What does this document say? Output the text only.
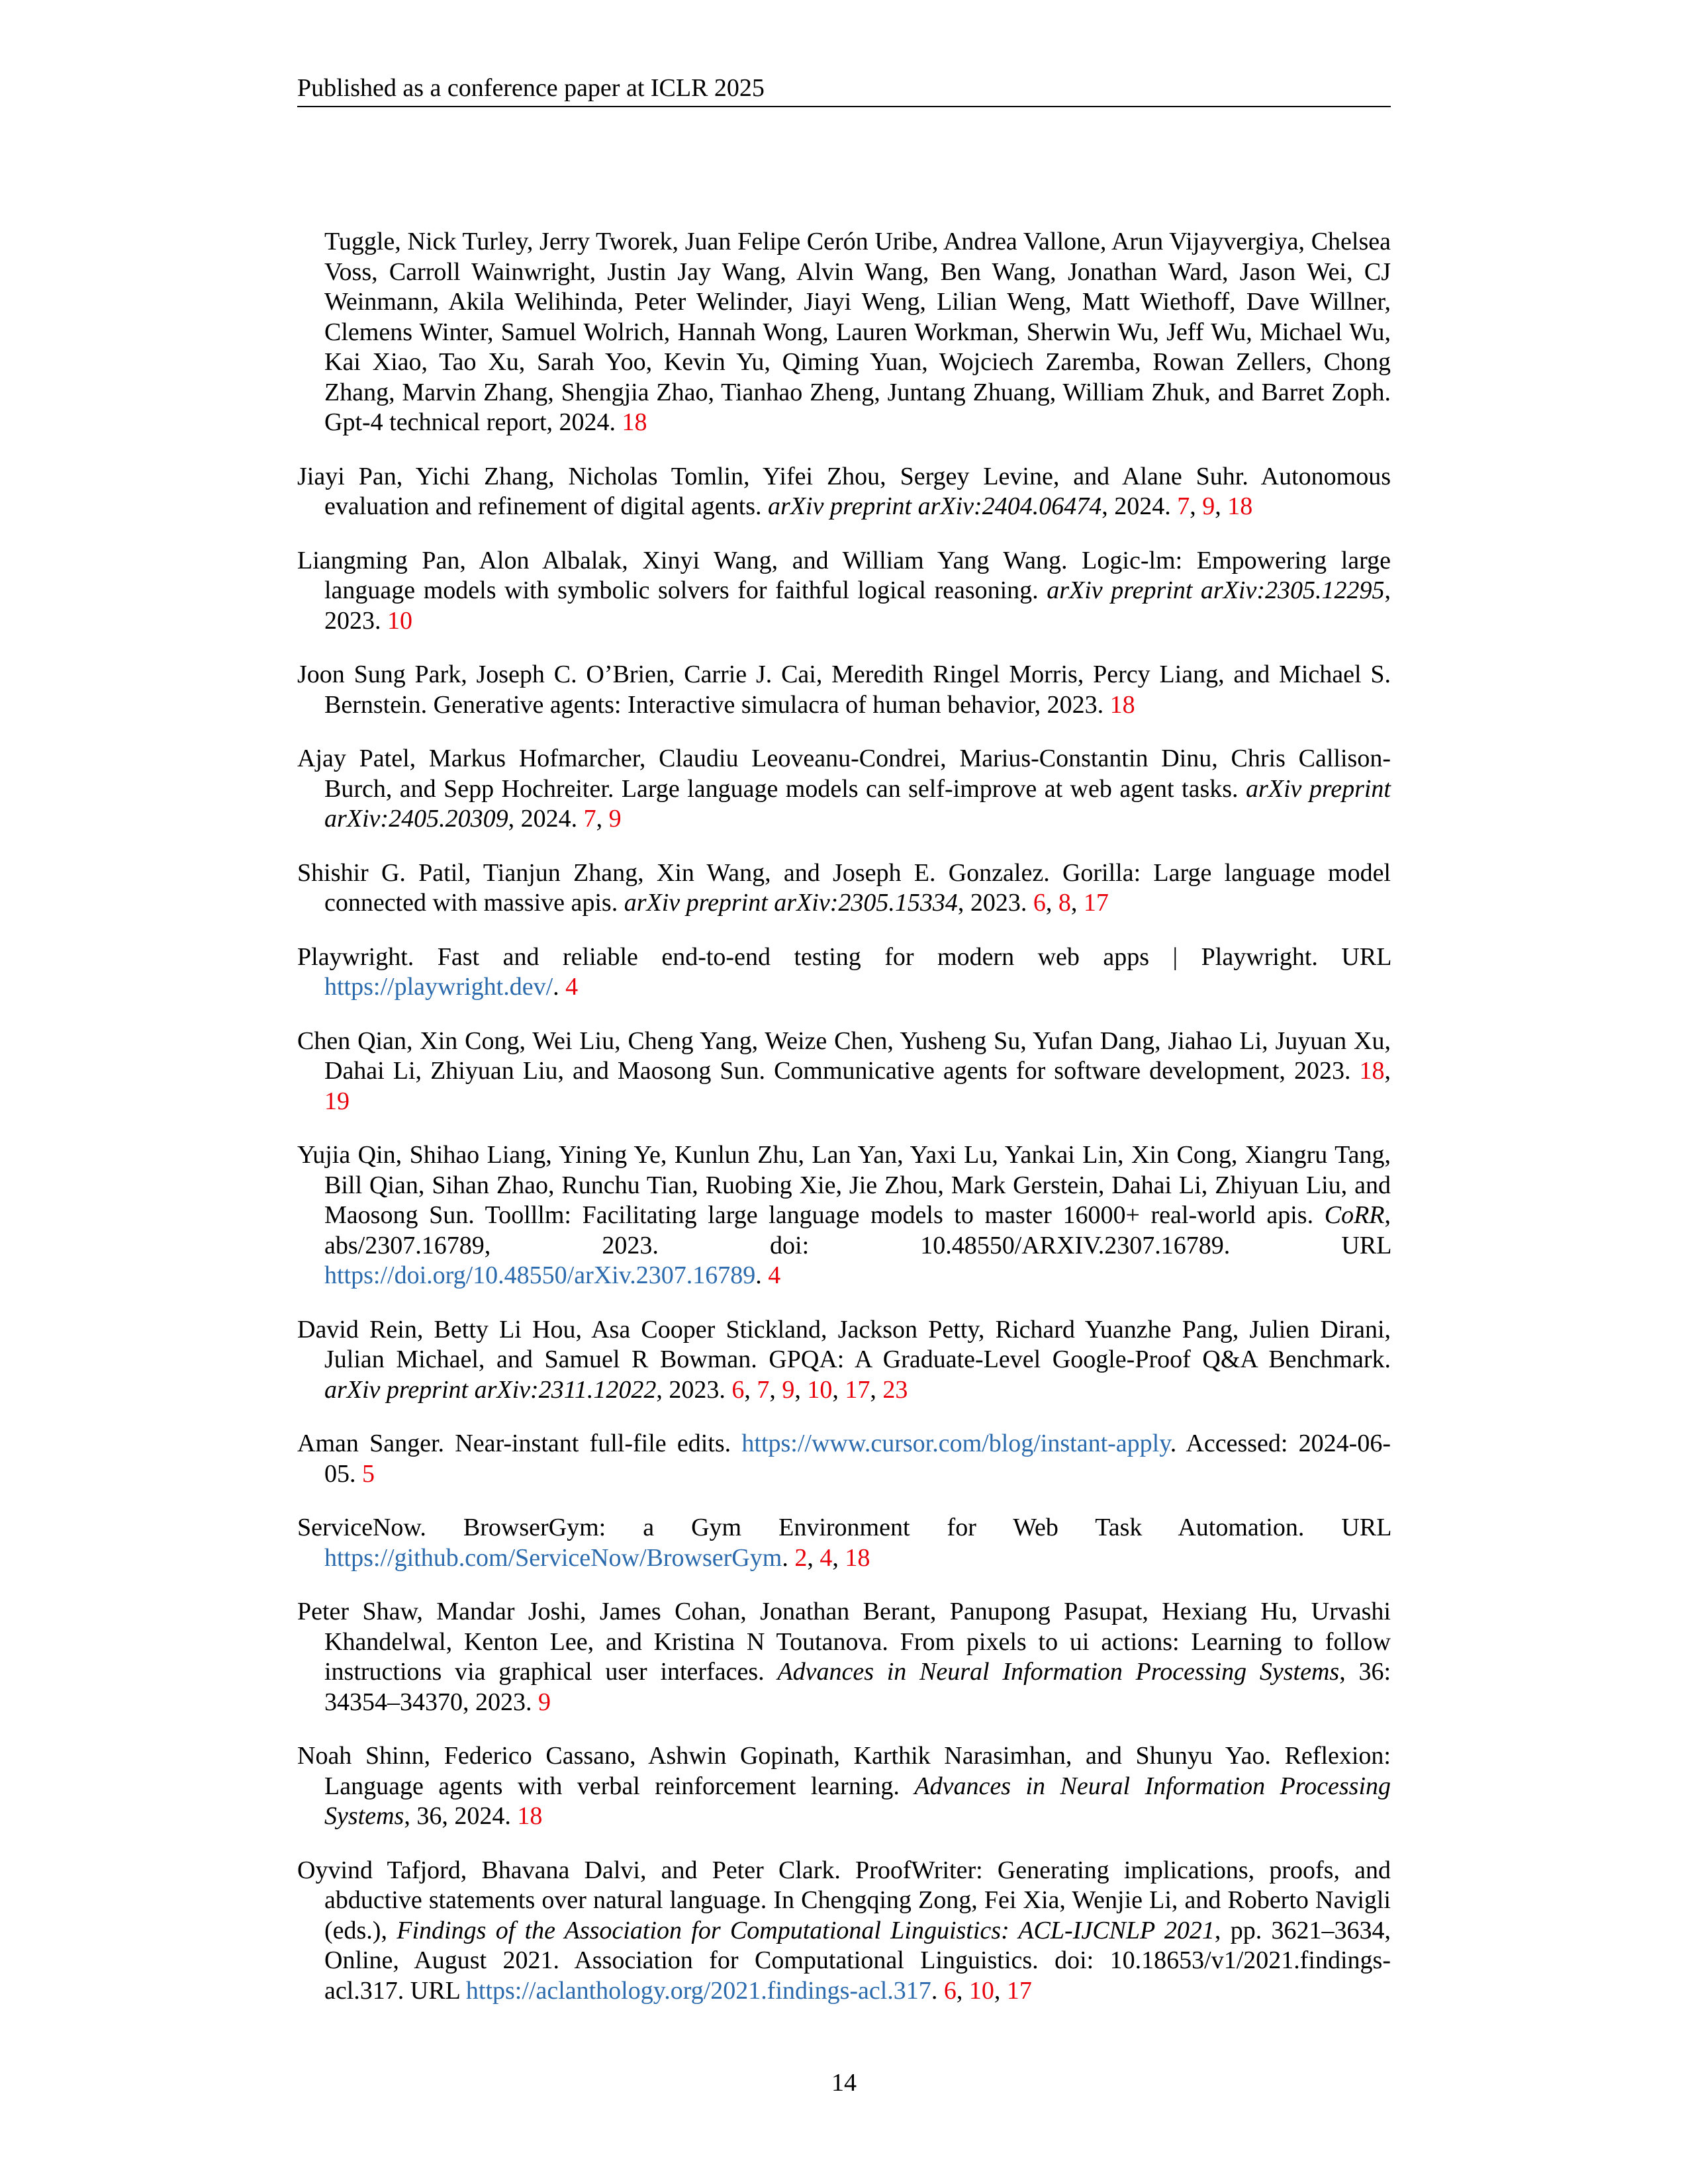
Published as a conference paper at ICLR 2025

Tuggle, Nick Turley, Jerry Tworek, Juan Felipe Cerón Uribe, Andrea Vallone, Arun Vijayvergiya, Chelsea Voss, Carroll Wainwright, Justin Jay Wang, Alvin Wang, Ben Wang, Jonathan Ward, Jason Wei, CJ Weinmann, Akila Welihinda, Peter Welinder, Jiayi Weng, Lilian Weng, Matt Wiethoff, Dave Willner, Clemens Winter, Samuel Wolrich, Hannah Wong, Lauren Workman, Sherwin Wu, Jeff Wu, Michael Wu, Kai Xiao, Tao Xu, Sarah Yoo, Kevin Yu, Qiming Yuan, Wojciech Zaremba, Rowan Zellers, Chong Zhang, Marvin Zhang, Shengjia Zhao, Tianhao Zheng, Juntang Zhuang, William Zhuk, and Barret Zoph. Gpt-4 technical report, 2024. 18

Jiayi Pan, Yichi Zhang, Nicholas Tomlin, Yifei Zhou, Sergey Levine, and Alane Suhr. Autonomous evaluation and refinement of digital agents. arXiv preprint arXiv:2404.06474, 2024. 7, 9, 18

Liangming Pan, Alon Albalak, Xinyi Wang, and William Yang Wang. Logic-lm: Empowering large language models with symbolic solvers for faithful logical reasoning. arXiv preprint arXiv:2305.12295, 2023. 10

Joon Sung Park, Joseph C. O’Brien, Carrie J. Cai, Meredith Ringel Morris, Percy Liang, and Michael S. Bernstein. Generative agents: Interactive simulacra of human behavior, 2023. 18

Ajay Patel, Markus Hofmarcher, Claudiu Leoveanu-Condrei, Marius-Constantin Dinu, Chris Callison-Burch, and Sepp Hochreiter. Large language models can self-improve at web agent tasks. arXiv preprint arXiv:2405.20309, 2024. 7, 9

Shishir G. Patil, Tianjun Zhang, Xin Wang, and Joseph E. Gonzalez. Gorilla: Large language model connected with massive apis. arXiv preprint arXiv:2305.15334, 2023. 6, 8, 17

Playwright. Fast and reliable end-to-end testing for modern web apps | Playwright. URL https://playwright.dev/. 4

Chen Qian, Xin Cong, Wei Liu, Cheng Yang, Weize Chen, Yusheng Su, Yufan Dang, Jiahao Li, Juyuan Xu, Dahai Li, Zhiyuan Liu, and Maosong Sun. Communicative agents for software development, 2023. 18, 19

Yujia Qin, Shihao Liang, Yining Ye, Kunlun Zhu, Lan Yan, Yaxi Lu, Yankai Lin, Xin Cong, Xiangru Tang, Bill Qian, Sihan Zhao, Runchu Tian, Ruobing Xie, Jie Zhou, Mark Gerstein, Dahai Li, Zhiyuan Liu, and Maosong Sun. Toolllm: Facilitating large language models to master 16000+ real-world apis. CoRR, abs/2307.16789, 2023. doi: 10.48550/ARXIV.2307.16789. URL https://doi.org/10.48550/arXiv.2307.16789. 4

David Rein, Betty Li Hou, Asa Cooper Stickland, Jackson Petty, Richard Yuanzhe Pang, Julien Dirani, Julian Michael, and Samuel R Bowman. GPQA: A Graduate-Level Google-Proof Q&A Benchmark. arXiv preprint arXiv:2311.12022, 2023. 6, 7, 9, 10, 17, 23

Aman Sanger. Near-instant full-file edits. https://www.cursor.com/blog/instant-apply. Accessed: 2024-06-05. 5

ServiceNow. BrowserGym: a Gym Environment for Web Task Automation. URL https://github.com/ServiceNow/BrowserGym. 2, 4, 18

Peter Shaw, Mandar Joshi, James Cohan, Jonathan Berant, Panupong Pasupat, Hexiang Hu, Urvashi Khandelwal, Kenton Lee, and Kristina N Toutanova. From pixels to ui actions: Learning to follow instructions via graphical user interfaces. Advances in Neural Information Processing Systems, 36: 34354–34370, 2023. 9

Noah Shinn, Federico Cassano, Ashwin Gopinath, Karthik Narasimhan, and Shunyu Yao. Reflexion: Language agents with verbal reinforcement learning. Advances in Neural Information Processing Systems, 36, 2024. 18

Oyvind Tafjord, Bhavana Dalvi, and Peter Clark. ProofWriter: Generating implications, proofs, and abductive statements over natural language. In Chengqing Zong, Fei Xia, Wenjie Li, and Roberto Navigli (eds.), Findings of the Association for Computational Linguistics: ACL-IJCNLP 2021, pp. 3621–3634, Online, August 2021. Association for Computational Linguistics. doi: 10.18653/v1/2021.findings-acl.317. URL https://aclanthology.org/2021.findings-acl.317. 6, 10, 17

14
